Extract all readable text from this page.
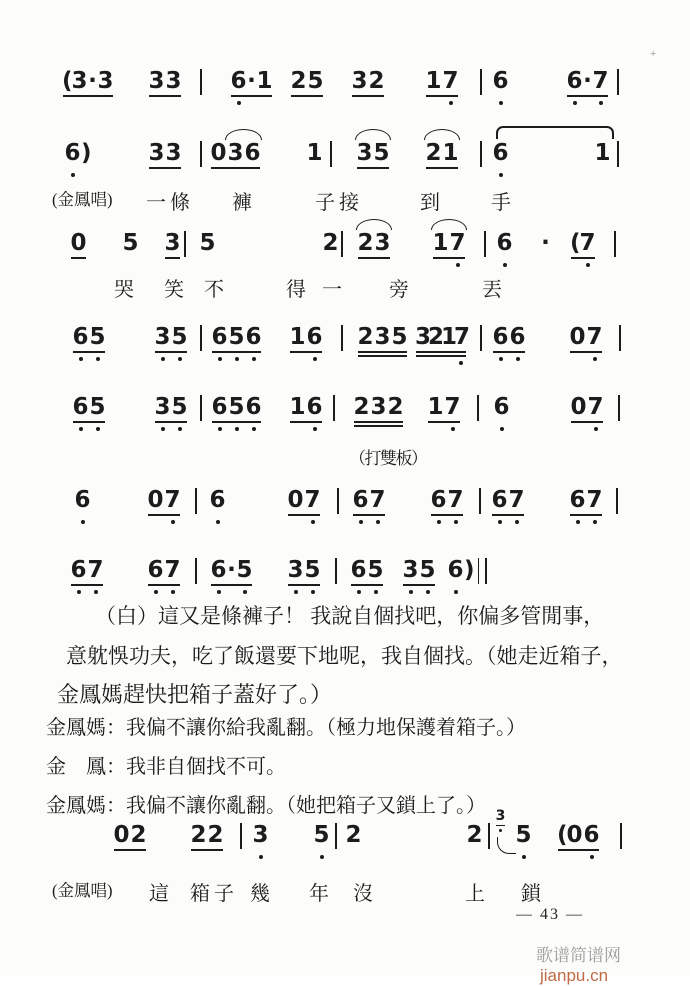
(3·3 33 6
·1 25 32 17 6	6
·7
6
) 33 036 1 35 21 6	1
0 5 3 5	2 23 17 6 · (7
6
5 3
5 6
5
6 16 235 3217 6
6 07
6
5 3
5 6
5
6 16 232 17 6	07
6 07 6	07 6
7 6
7 6
7 6
7
6
7 6
7 6
·5 3
5 6
5 3
5 6
)
02 22 3 5 2	2
3
5 (06
(金鳳唱) 一條 褲	子接	到 手
哭 笑 不	得 一 旁	丟
(金鳳唱) 這 箱子 幾 年 沒	上 鎖
（打雙板）
（白）這又是條褲子！ 我說自個找吧，你偏多管閒事，
意躭悞功夫，吃了飯還要下地呢，我自個找。（她走近箱子，
金鳳媽趕快把箱子蓋好了。）
金鳳媽：我偏不讓你給我亂翻。（極力地保護着箱子。）
金　鳳：我非自個找不可。
金鳳媽：我偏不讓你亂翻。（她把箱子又鎖上了。）
— 43 —
歌谱简谱网jianpu.cn
+
